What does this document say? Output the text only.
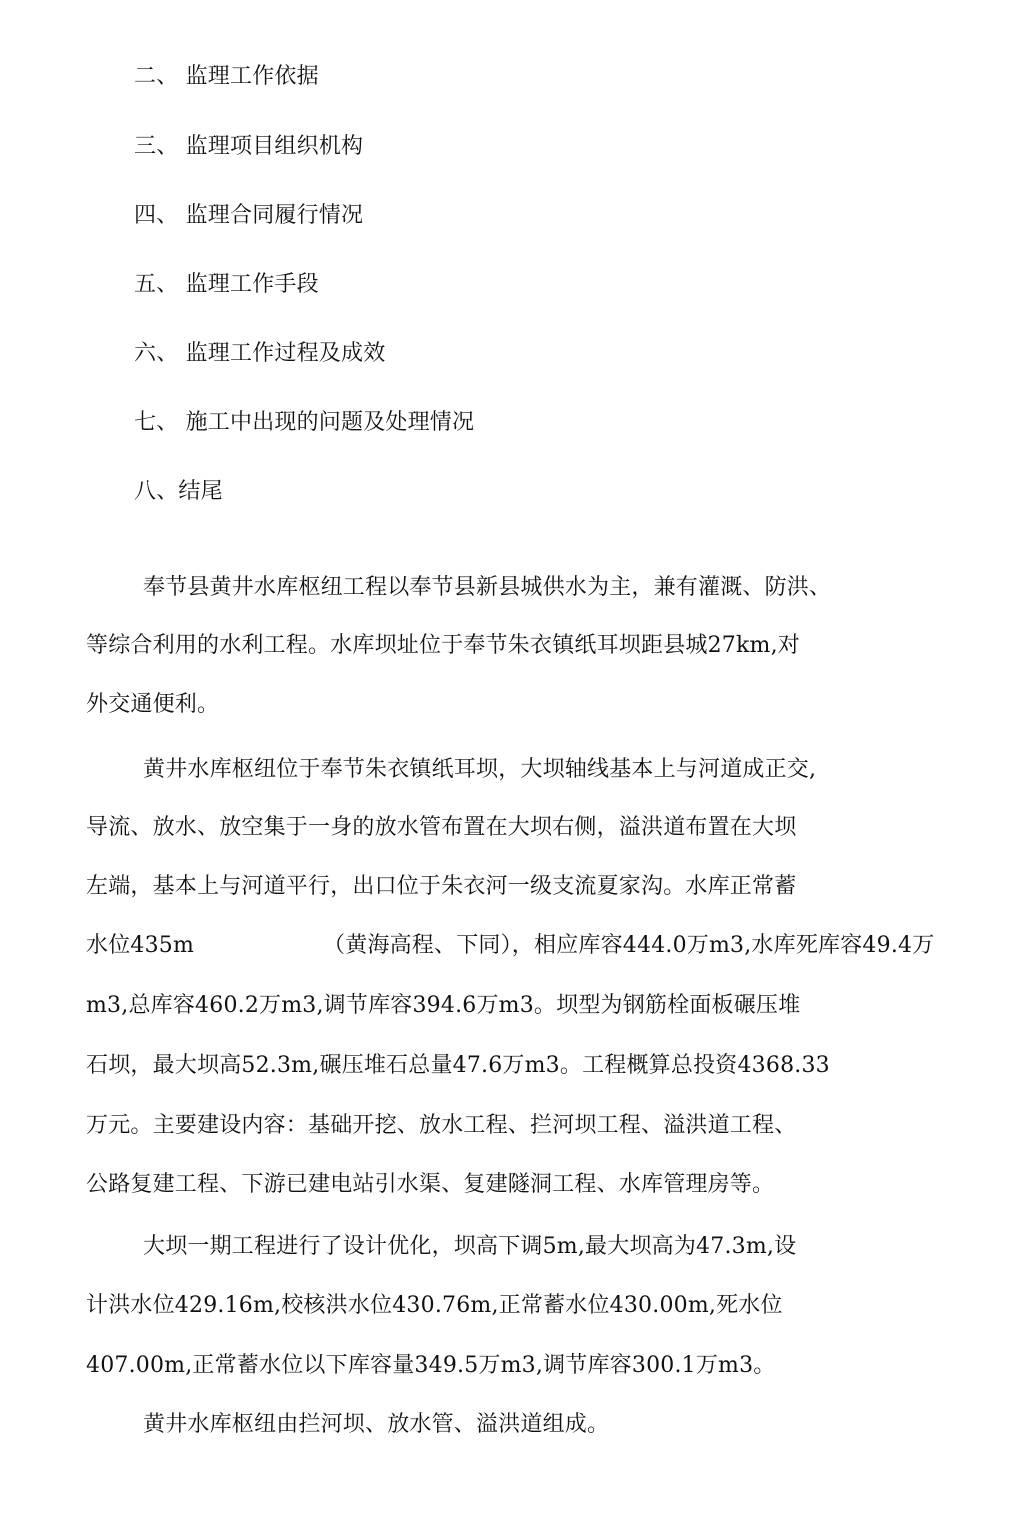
二、 监理工作依据
三、 监理项目组织机构
四、 监理合同履行情况
五、 监理工作手段
六、 监理工作过程及成效
七、 施工中出现的问题及处理情况
八、结尾
奉节县黄井水库枢纽工程以奉节县新县城供水为主，兼有灌溉、防洪、
等综合利用的水利工程。水库坝址位于奉节朱衣镇纸耳坝距县城27km,对
外交通便利。
黄井水库枢纽位于奉节朱衣镇纸耳坝，大坝轴线基本上与河道成正交,
导流、放水、放空集于一身的放水管布置在大坝右侧，溢洪道布置在大坝
左端，基本上与河道平行，出口位于朱衣河一级支流夏家沟。水库正常蓄
水位435m	（黄海高程、下同），相应库容444.0万m3,水库死库容49.4万
m3,总库容460.2万m3,调节库容394.6万m3。坝型为钢筋栓面板碾压堆
石坝，最大坝高52.3m,碾压堆石总量47.6万m3。工程概算总投资4368.33
万元。主要建设内容：基础开挖、放水工程、拦河坝工程、溢洪道工程、
公路复建工程、下游已建电站引水渠、复建隧洞工程、水库管理房等。
大坝一期工程进行了设计优化，坝高下调5m,最大坝高为47.3m,设
计洪水位429.16m,校核洪水位430.76m,正常蓄水位430.00m,死水位
407.00m,正常蓄水位以下库容量349.5万m3,调节库容300.1万m3。
黄井水库枢纽由拦河坝、放水管、溢洪道组成。
